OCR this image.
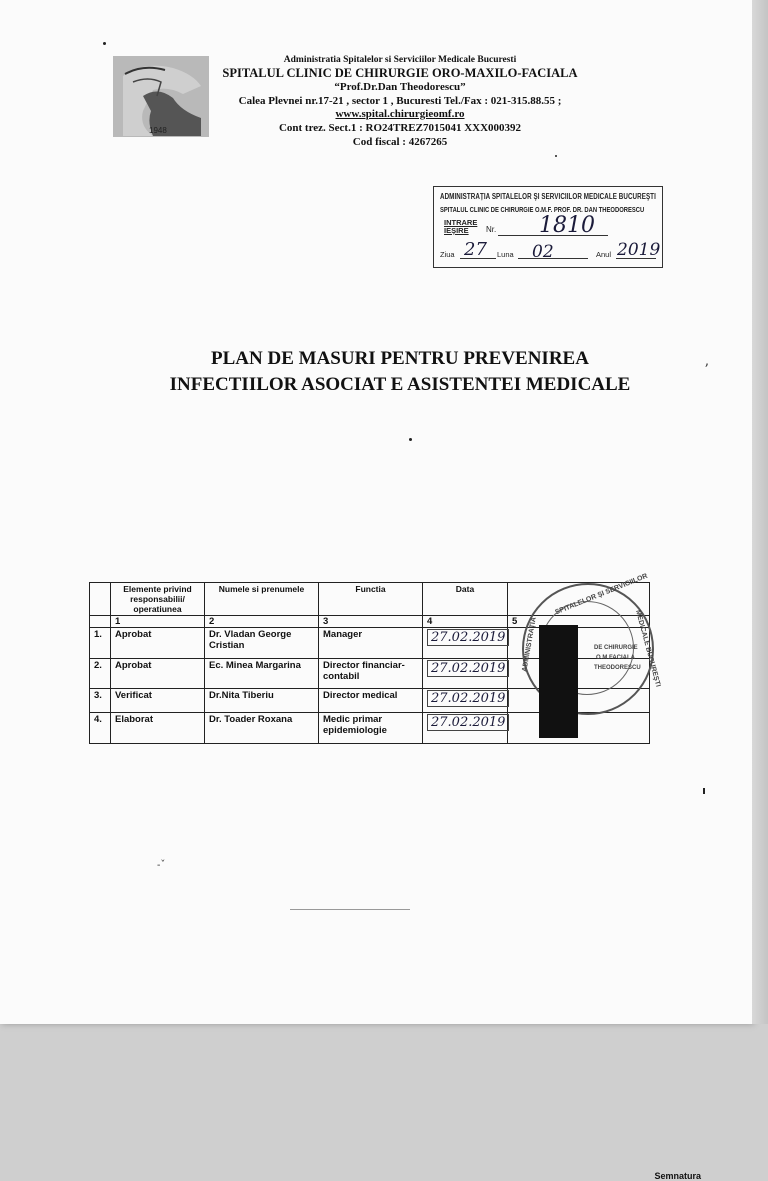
1948
Administratia Spitalelor si Serviciilor Medicale Bucuresti
SPITALUL CLINIC DE CHIRURGIE ORO-MAXILO-FACIALA
“Prof.Dr.Dan Theodorescu”
Calea Plevnei nr.17-21 , sector 1 , Bucuresti Tel./Fax : 021-315.88.55 ;
www.spital.chirurgieomf.ro
Cont trez. Sect.1 : RO24TREZ7015041 XXX000392
Cod fiscal : 4267265
ADMINISTRAȚIA SPITALELOR ŞI SERVICIILOR MEDICALE BUCUREŞTI
SPITALUL CLINIC DE CHIRURGIE O.M.F. PROF. DR. DAN THEODORESCU
INTRARE
IEŞIRE	Nr. 1810
Ziua 27 Luna 02	Anul 2019
PLAN DE MASURI PENTRU PREVENIREA
INFECTIILOR ASOCIAT E ASISTENTEI MEDICALE
ʼ
	Elemente privind responsabilii/ operatiunea	Numele si prenumele	Functia	Data	Semnatura

	1	2	3	4	5
1.	Aprobat	Dr. Vladan George Cristian	Manager	27.02.2019	
2.	Aprobat	Ec. Minea Margarina	Director financiar-contabil	27.02.2019	
3.	Verificat	Dr.Nita Tiberiu	Director medical	27.02.2019	
4.	Elaborat	Dr. Toader Roxana	Medic primar epidemiologie	27.02.2019	
SPITALELOR ŞI SERVICIILOR
ADMINISTRAȚIA	MEDICALE BUCUREŞTI
DE CHIRURGIE
O.M.FACIALA
THEODORESCU
-ˇ
